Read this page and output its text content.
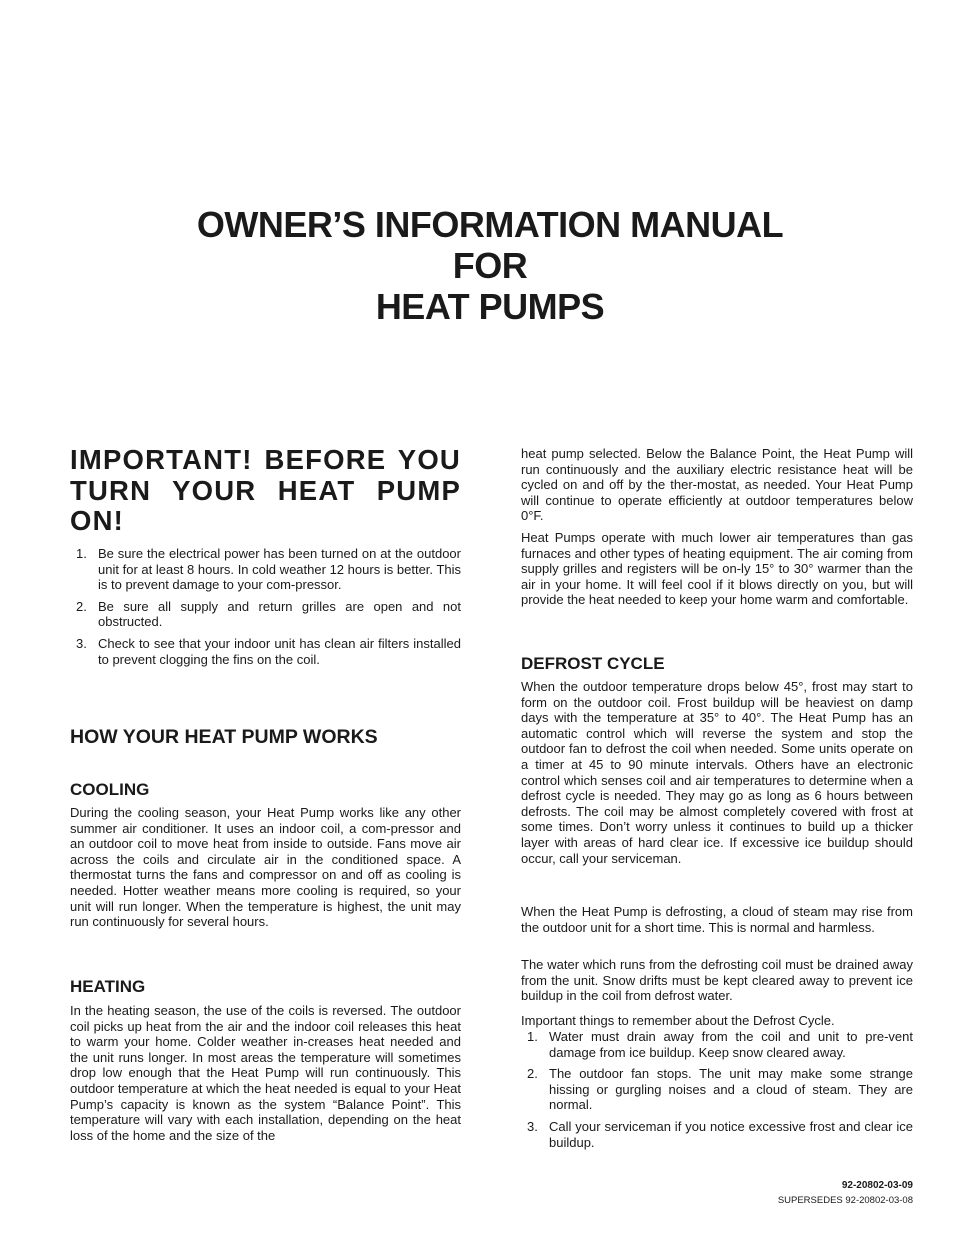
OWNER’S INFORMATION MANUAL
FOR
HEAT PUMPS
IMPORTANT! BEFORE YOU TURN YOUR HEAT PUMP ON!
1. Be sure the electrical power has been turned on at the outdoor unit for at least 8 hours. In cold weather 12 hours is better. This is to prevent damage to your com-pressor.
2. Be sure all supply and return grilles are open and not obstructed.
3. Check to see that your indoor unit has clean air filters installed to prevent clogging the fins on the coil.
HOW YOUR HEAT PUMP WORKS
COOLING

During the cooling season, your Heat Pump works like any other summer air conditioner. It uses an indoor coil, a com-pressor and an outdoor coil to move heat from inside to outside. Fans move air across the coils and circulate air in the conditioned space. A thermostat turns the fans and compressor on and off as cooling is needed. Hotter weather means more cooling is required, so your unit will run longer. When the temperature is highest, the unit may run continuously for several hours.

HEATING

In the heating season, the use of the coils is reversed. The outdoor coil picks up heat from the air and the indoor coil releases this heat to warm your home. Colder weather in-creases heat needed and the unit runs longer. In most areas the temperature will sometimes drop low enough that the Heat Pump will run continuously. This outdoor temperature at which the heat needed is equal to your Heat Pump’s capacity is known as the system “Balance Point”. This temperature will vary with each installation, depending on the heat loss of the home and the size of the

heat pump selected. Below the Balance Point, the Heat Pump will run continuously and the auxiliary electric resistance heat will be cycled on and off by the ther-mostat, as needed. Your Heat Pump will continue to operate efficiently at outdoor temperatures below 0°F.

Heat Pumps operate with much lower air temperatures than gas furnaces and other types of heating equipment. The air coming from supply grilles and registers will be on-ly 15° to 30° warmer than the air in your home. It will feel cool if it blows directly on you, but will provide the heat needed to keep your home warm and comfortable.

DEFROST CYCLE

When the outdoor temperature drops below 45°, frost may start to form on the outdoor coil. Frost buildup will be heaviest on damp days with the temperature at 35° to 40°. The Heat Pump has an automatic control which will reverse the system and stop the outdoor fan to defrost the coil when needed. Some units operate on a timer at 45 to 90 minute intervals. Others have an electronic control which senses coil and air temperatures to determine when a defrost cycle is needed. They may go as long as 6 hours between defrosts. The coil may be almost completely covered with frost at some times. Don’t worry unless it continues to build up a thicker layer with areas of hard clear ice. If excessive ice buildup should occur, call your serviceman.

When the Heat Pump is defrosting, a cloud of steam may rise from the outdoor unit for a short time. This is normal and harmless.

The water which runs from the defrosting coil must be drained away from the unit. Snow drifts must be kept cleared away to prevent ice buildup in the coil from defrost water.

Important things to remember about the Defrost Cycle.

1. Water must drain away from the coil and unit to pre-vent damage from ice buildup. Keep snow cleared away.
2. The outdoor fan stops. The unit may make some strange hissing or gurgling noises and a cloud of steam. They are normal.
3. Call your serviceman if you notice excessive frost and clear ice buildup.
92-20802-03-09
SUPERSEDES 92-20802-03-08
